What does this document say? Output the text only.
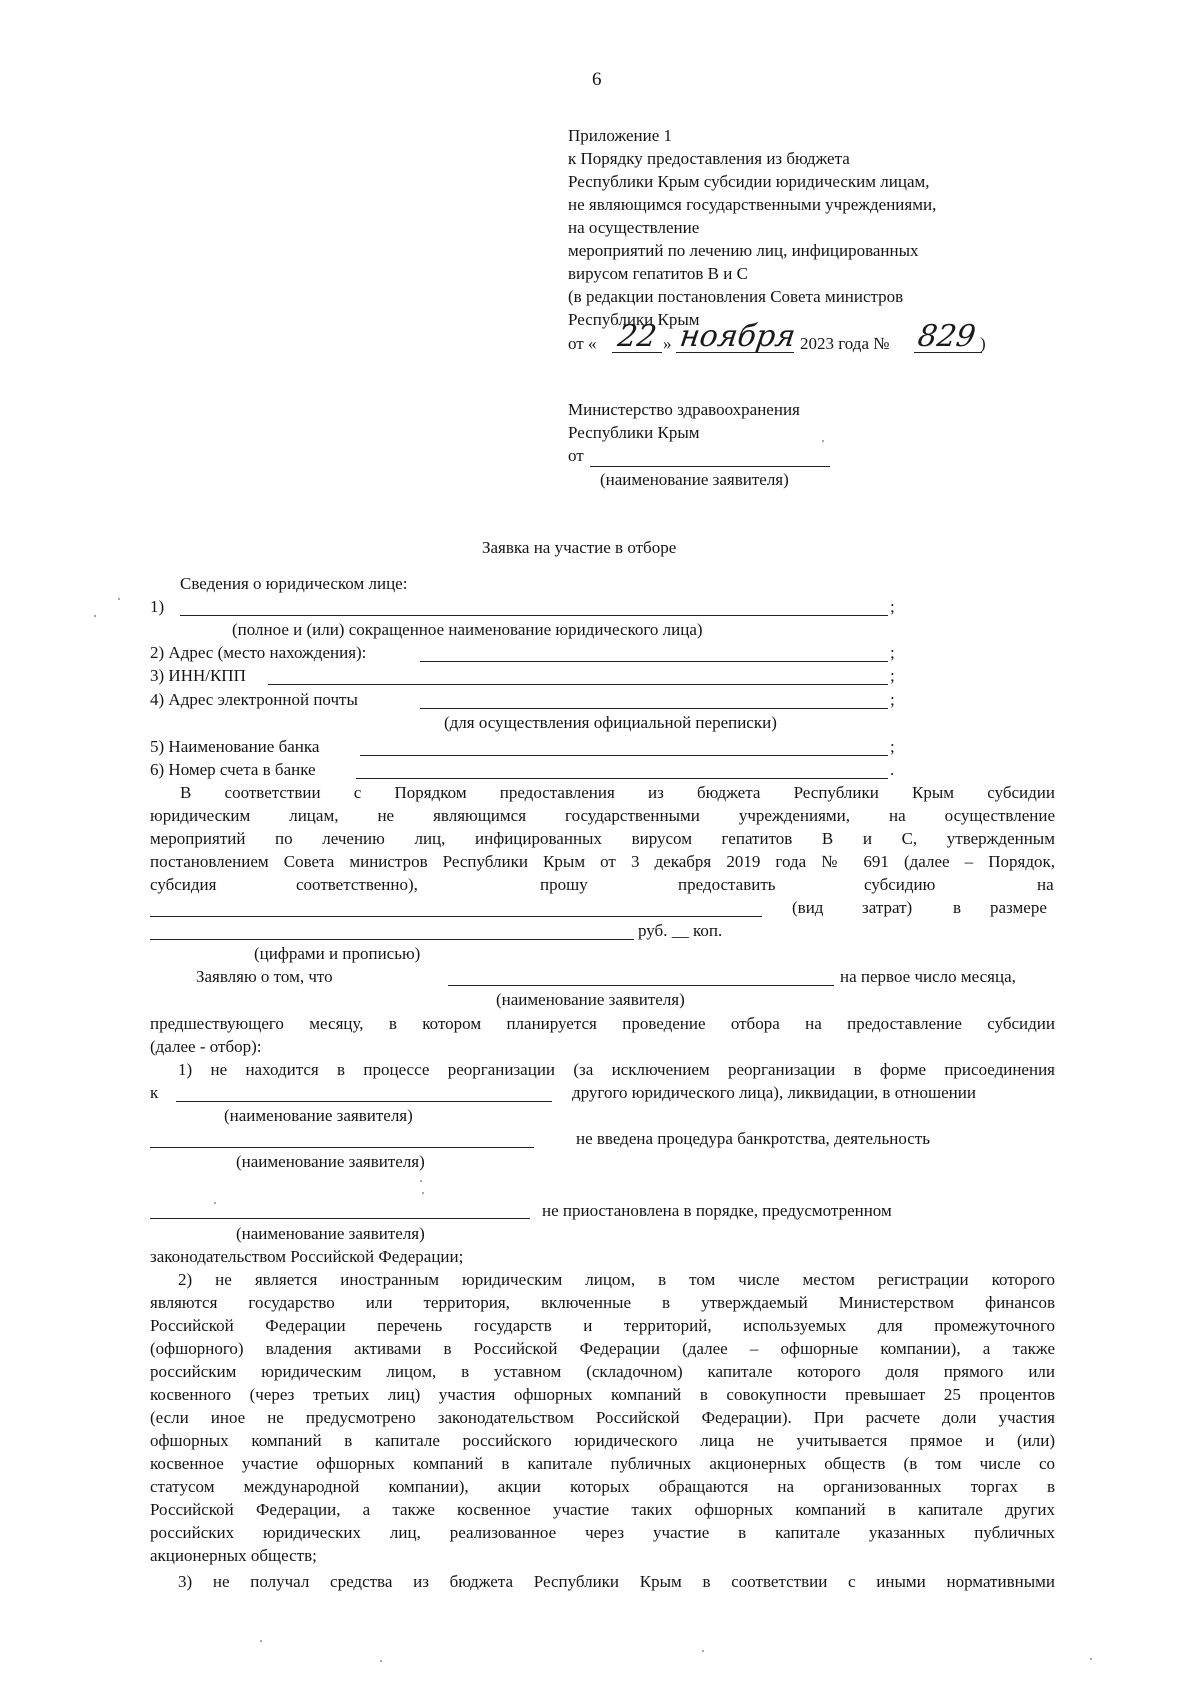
6
Приложение 1
к Порядку предоставления из бюджета
Республики Крым субсидии юридическим лицам,
не являющимся государственными учреждениями,
на осуществление
мероприятий по лечению лиц, инфицированных
вирусом гепатитов В и С
(в редакции постановления Совета министров
Республики Крым
от « 22 » ноября 2023 года № 829 )
Министерство здравоохранения
Республики Крым
от
(наименование заявителя)
Заявка на участие в отборе
Сведения о юридическом лице:
1)	;
(полное и (или) сокращенное наименование юридического лица)
2) Адрес (место нахождения):	;
3) ИНН/КПП	;
4) Адрес электронной почты	;
(для осуществления официальной переписки)
5) Наименование банка	;
6) Номер счета в банке	.
В соответствии с Порядком предоставления из бюджета Республики Крым субсидии
юридическим лицам, не являющимся государственными учреждениями, на осуществление
мероприятий по лечению лиц, инфицированных вирусом гепатитов В и С, утвержденным
постановлением Совета министров Республики Крым от 3 декабря 2019 года № 691 (далее – Порядок,
субсидия	соответственно),	прошу	предоставить	субсидию	на
(вид затрат) в размере
руб. __ коп.
(цифрами и прописью)
Заявляю о том, что	на первое число месяца,
(наименование заявителя)
предшествующего месяцу, в котором планируется проведение отбора на предоставление субсидии
(далее - отбор):
1) не находится в процессе реорганизации (за исключением реорганизации в форме присоединения
к	другого юридического лица), ликвидации, в отношении
(наименование заявителя)
не введена процедура банкротства, деятельность
(наименование заявителя)
не приостановлена в порядке, предусмотренном
(наименование заявителя)
законодательством Российской Федерации;
2) не является иностранным юридическим лицом, в том числе местом регистрации которого
являются государство или территория, включенные в утверждаемый Министерством финансов
Российской Федерации перечень государств и территорий, используемых для промежуточного
(офшорного) владения активами в Российской Федерации (далее – офшорные компании), а также
российским юридическим лицом, в уставном (складочном) капитале которого доля прямого или
косвенного (через третьих лиц) участия офшорных компаний в совокупности превышает 25 процентов
(если иное не предусмотрено законодательством Российской Федерации). При расчете доли участия
офшорных компаний в капитале российского юридического лица не учитывается прямое и (или)
косвенное участие офшорных компаний в капитале публичных акционерных обществ (в том числе со
статусом международной компании), акции которых обращаются на организованных торгах в
Российской Федерации, а также косвенное участие таких офшорных компаний в капитале других
российских юридических лиц, реализованное через участие в капитале указанных публичных
акционерных обществ;
3) не получал средства из бюджета Республики Крым в соответствии с иными нормативными
